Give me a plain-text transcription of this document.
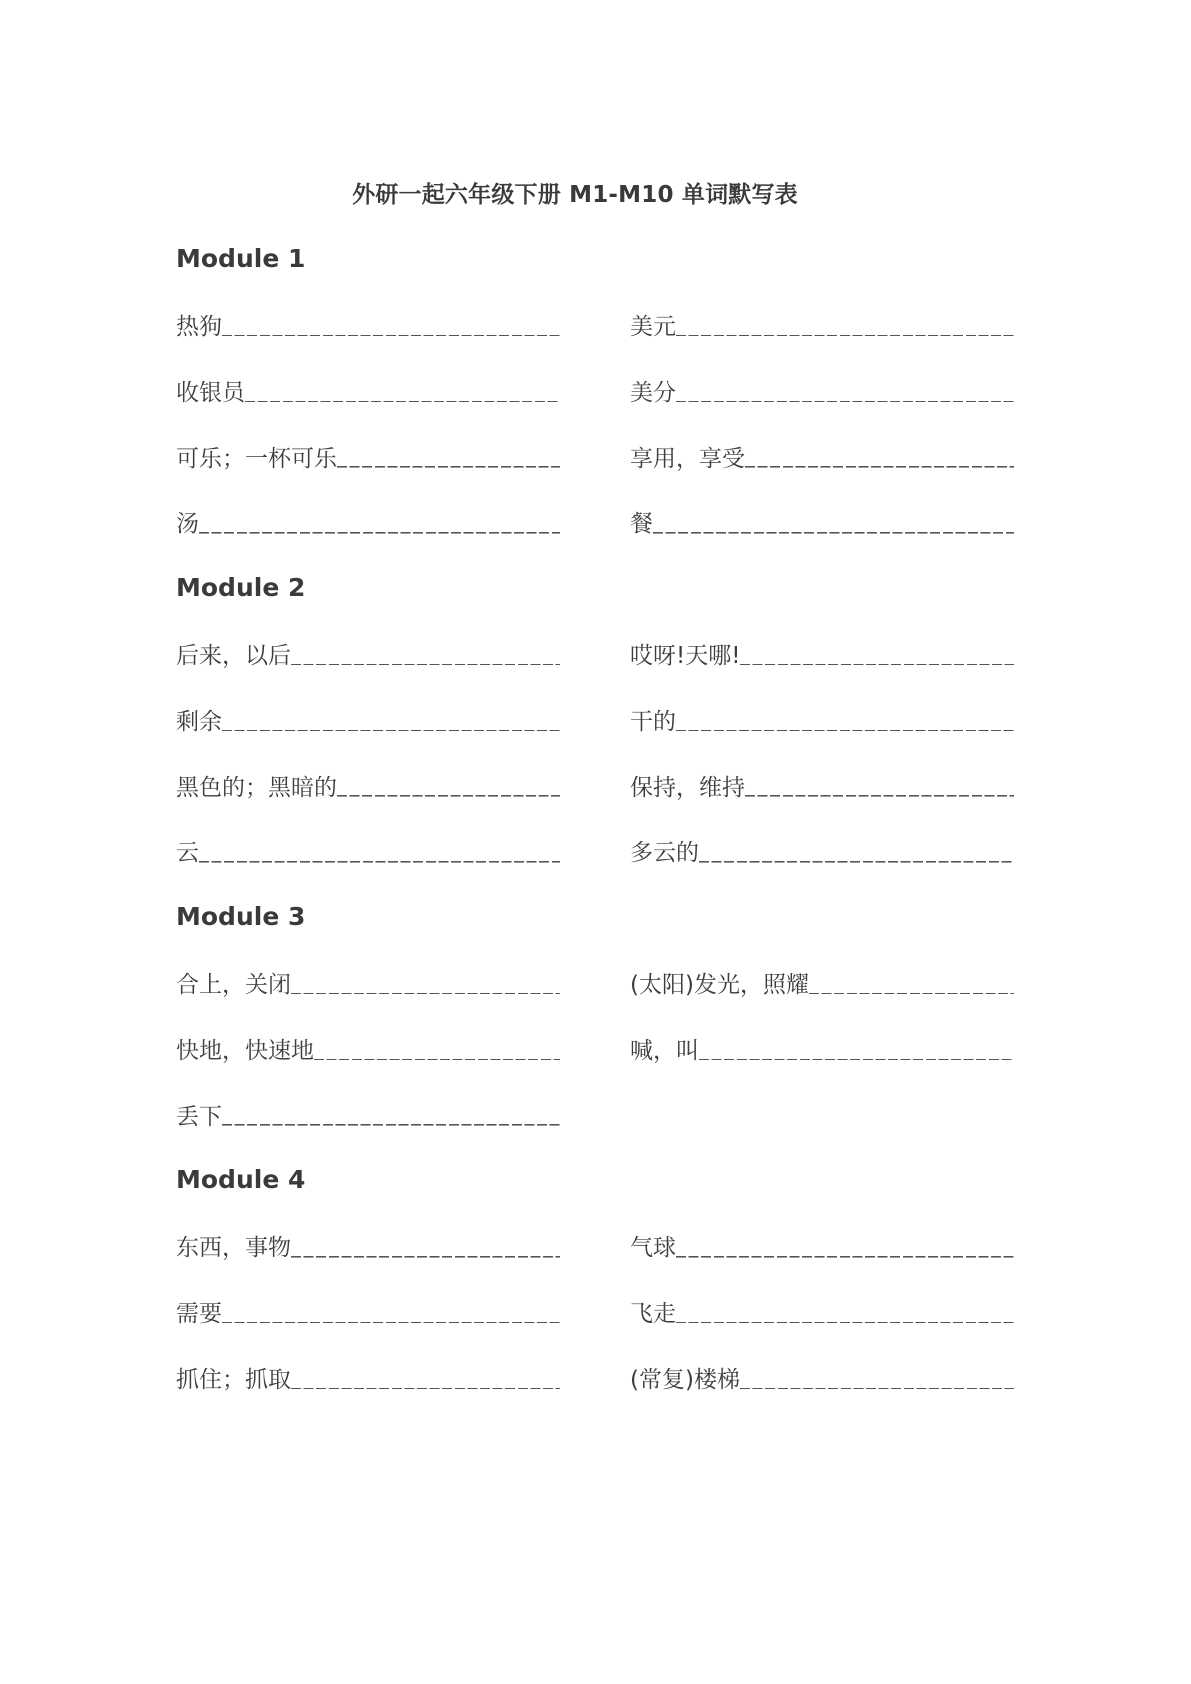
外研一起六年级下册 M1-M10 单词默写表
Module 1
热狗	美元
收银员	美分
可乐；一杯可乐	享用，享受
汤	餐
Module 2
后来，以后	哎呀!天哪!
剩余	干的
黑色的；黑暗的	保持，维持
云	多云的
Module 3
合上，关闭	(太阳)发光，照耀
快地，快速地	喊，叫
丢下
Module 4
东西，事物	气球
需要	飞走
抓住；抓取	(常复)楼梯
